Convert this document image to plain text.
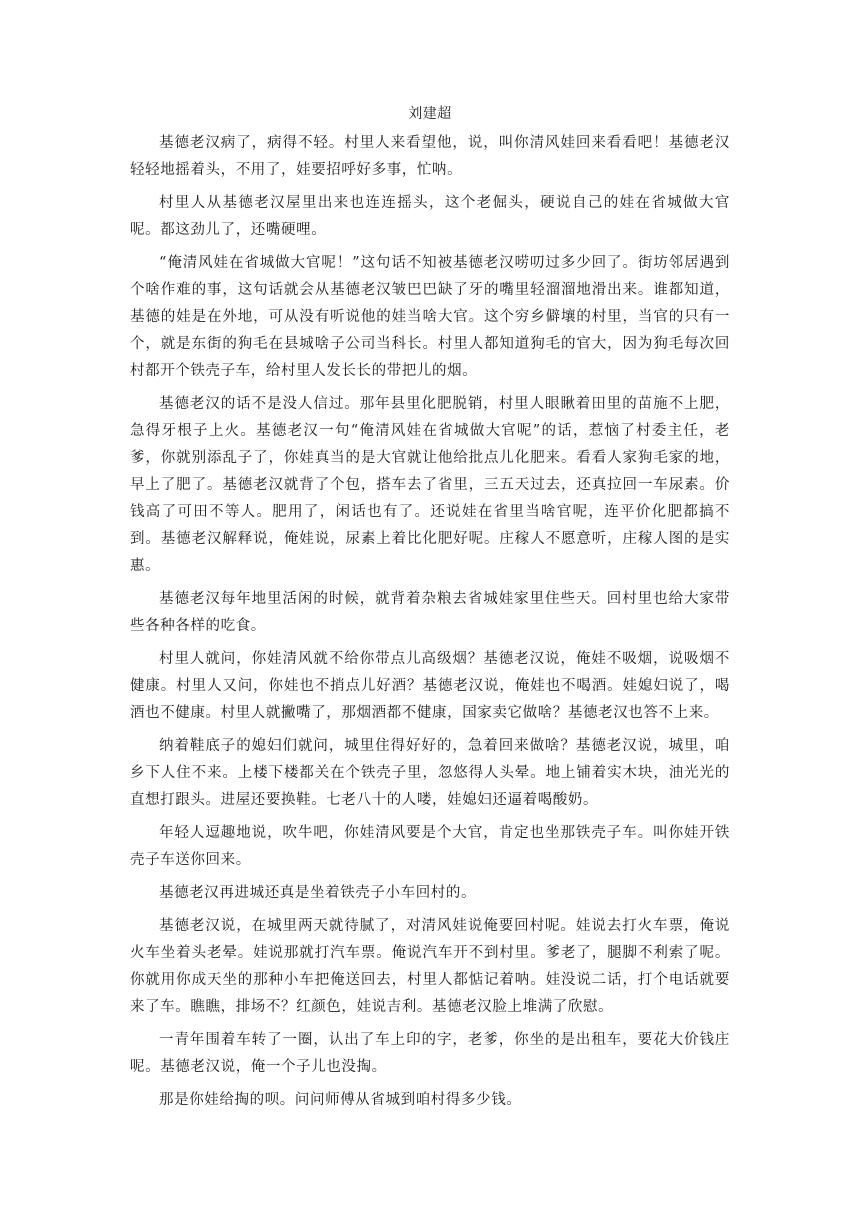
刘建超

基德老汉病了，病得不轻。村里人来看望他，说，叫你清风娃回来看看吧！基德老汉轻轻地摇着头，不用了，娃要招呼好多事，忙呐。

村里人从基德老汉屋里出来也连连摇头，这个老倔头，硬说自己的娃在省城做大官呢。都这劲儿了，还嘴硬哩。

“俺清风娃在省城做大官呢！”这句话不知被基德老汉唠叨过多少回了。街坊邻居遇到个啥作难的事，这句话就会从基德老汉皱巴巴缺了牙的嘴里轻溜溜地滑出来。谁都知道，基德的娃是在外地，可从没有听说他的娃当啥大官。这个穷乡僻壤的村里，当官的只有一个，就是东街的狗毛在县城啥子公司当科长。村里人都知道狗毛的官大，因为狗毛每次回村都开个铁壳子车，给村里人发长长的带把儿的烟。

基德老汉的话不是没人信过。那年县里化肥脱销，村里人眼瞅着田里的苗施不上肥，急得牙根子上火。基德老汉一句“俺清风娃在省城做大官呢”的话，惹恼了村委主任，老爹，你就别添乱子了，你娃真当的是大官就让他给批点儿化肥来。看看人家狗毛家的地，早上了肥了。基德老汉就背了个包，搭车去了省里，三五天过去，还真拉回一车尿素。价钱高了可田不等人。肥用了，闲话也有了。还说娃在省里当啥官呢，连平价化肥都搞不到。基德老汉解释说，俺娃说，尿素上着比化肥好呢。庄稼人不愿意听，庄稼人图的是实惠。

基德老汉每年地里活闲的时候，就背着杂粮去省城娃家里住些天。回村里也给大家带些各种各样的吃食。

村里人就问，你娃清风就不给你带点儿高级烟？基德老汉说，俺娃不吸烟，说吸烟不健康。村里人又问，你娃也不捎点儿好酒？基德老汉说，俺娃也不喝酒。娃媳妇说了，喝酒也不健康。村里人就撇嘴了，那烟酒都不健康，国家卖它做啥？基德老汉也答不上来。

纳着鞋底子的媳妇们就问，城里住得好好的，急着回来做啥？基德老汉说，城里，咱乡下人住不来。上楼下楼都关在个铁壳子里，忽悠得人头晕。地上铺着实木块，油光光的直想打跟头。进屋还要换鞋。七老八十的人喽，娃媳妇还逼着喝酸奶。

年轻人逗趣地说，吹牛吧，你娃清风要是个大官，肯定也坐那铁壳子车。叫你娃开铁壳子车送你回来。

基德老汉再进城还真是坐着铁壳子小车回村的。

基德老汉说，在城里两天就待腻了，对清风娃说俺要回村呢。娃说去打火车票，俺说火车坐着头老晕。娃说那就打汽车票。俺说汽车开不到村里。爹老了，腿脚不利索了呢。你就用你成天坐的那种小车把俺送回去，村里人都惦记着呐。娃没说二话，打个电话就要来了车。瞧瞧，排场不？红颜色，娃说吉利。基德老汉脸上堆满了欣慰。

一青年围着车转了一圈，认出了车上印的字，老爹，你坐的是出租车，要花大价钱庄呢。基德老汉说，俺一个子儿也没掏。

那是你娃给掏的呗。问问师傅从省城到咱村得多少钱。
